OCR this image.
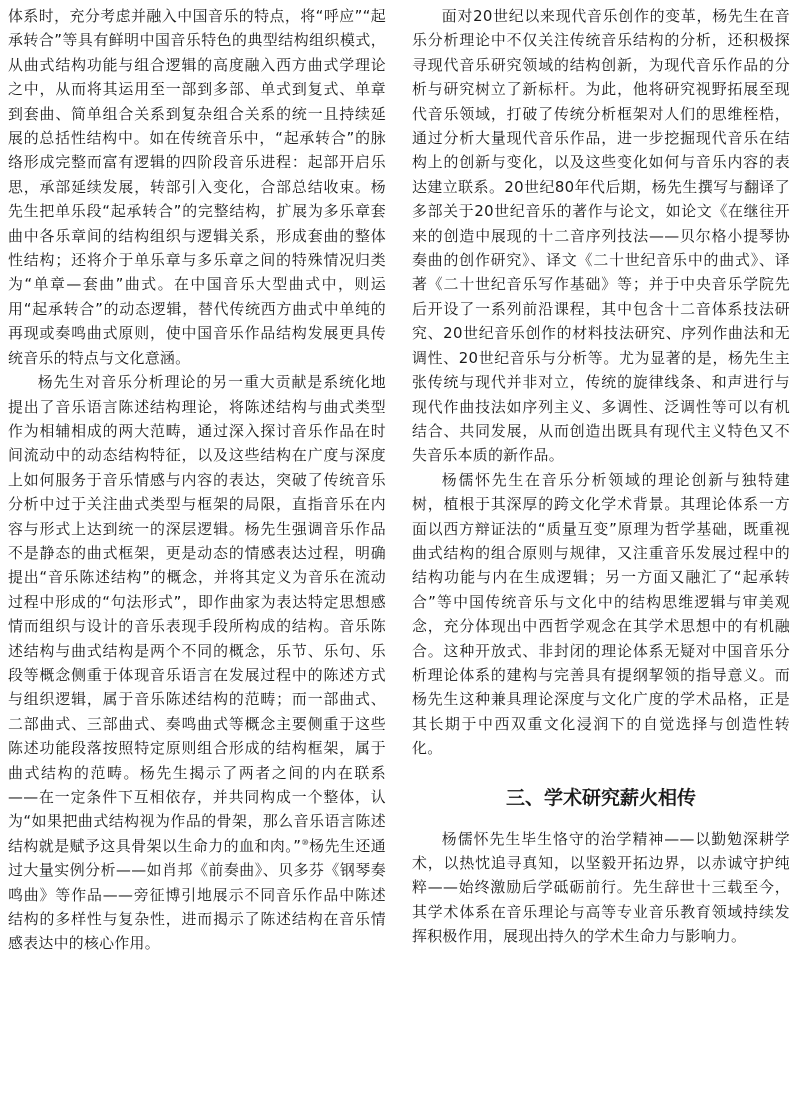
体系时，充分考虑并融入中国音乐的特点，将“呼应”“起承转合”等具有鲜明中国音乐特色的典型结构组织模式，从曲式结构功能与组合逻辑的高度融入西方曲式学理论之中，从而将其运用至一部到多部、单式到复式、单章到套曲、简单组合关系到复杂组合关系的统一且持续延展的总括性结构中。如在传统音乐中，“起承转合”的脉络形成完整而富有逻辑的四阶段音乐进程：起部开启乐思，承部延续发展，转部引入变化，合部总结收束。杨先生把单乐段“起承转合”的完整结构，扩展为多乐章套曲中各乐章间的结构组织与逻辑关系，形成套曲的整体性结构；还将介于单乐章与多乐章之间的特殊情况归类为“单章—套曲”曲式。在中国音乐大型曲式中，则运用“起承转合”的动态逻辑，替代传统西方曲式中单纯的再现或奏鸣曲式原则，使中国音乐作品结构发展更具传统音乐的特点与文化意涵。

杨先生对音乐分析理论的另一重大贡献是系统化地提出了音乐语言陈述结构理论，将陈述结构与曲式类型作为相辅相成的两大范畴，通过深入探讨音乐作品在时间流动中的动态结构特征，以及这些结构在广度与深度上如何服务于音乐情感与内容的表达，突破了传统音乐分析中过于关注曲式类型与框架的局限，直指音乐在内容与形式上达到统一的深层逻辑。杨先生强调音乐作品不是静态的曲式框架，更是动态的情感表达过程，明确提出“音乐陈述结构”的概念，并将其定义为音乐在流动过程中形成的“句法形式”，即作曲家为表达特定思想感情而组织与设计的音乐表现手段所构成的结构。音乐陈述结构与曲式结构是两个不同的概念，乐节、乐句、乐段等概念侧重于体现音乐语言在发展过程中的陈述方式与组织逻辑，属于音乐陈述结构的范畴；而一部曲式、二部曲式、三部曲式、奏鸣曲式等概念主要侧重于这些陈述功能段落按照特定原则组合形成的结构框架，属于曲式结构的范畴。杨先生揭示了两者之间的内在联系——在一定条件下互相依存，并共同构成一个整体，认为“如果把曲式结构视为作品的骨架，那么音乐语言陈述结构就是赋予这具骨架以生命力的血和肉。”⑩杨先生还通过大量实例分析——如肖邦《前奏曲》、贝多芬《钢琴奏鸣曲》等作品——旁征博引地展示不同音乐作品中陈述结构的多样性与复杂性，进而揭示了陈述结构在音乐情感表达中的核心作用。

面对20世纪以来现代音乐创作的变革，杨先生在音乐分析理论中不仅关注传统音乐结构的分析，还积极探寻现代音乐研究领域的结构创新，为现代音乐作品的分析与研究树立了新标杆。为此，他将研究视野拓展至现代音乐领域，打破了传统分析框架对人们的思维桎梏，通过分析大量现代音乐作品，进一步挖掘现代音乐在结构上的创新与变化，以及这些变化如何与音乐内容的表达建立联系。20世纪80年代后期，杨先生撰写与翻译了多部关于20世纪音乐的著作与论文，如论文《在继往开来的创造中展现的十二音序列技法——贝尔格小提琴协奏曲的创作研究》、译文《二十世纪音乐中的曲式》、译著《二十世纪音乐写作基础》等；并于中央音乐学院先后开设了一系列前沿课程，其中包含十二音体系技法研究、20世纪音乐创作的材料技法研究、序列作曲法和无调性、20世纪音乐与分析等。尤为显著的是，杨先生主张传统与现代并非对立，传统的旋律线条、和声进行与现代作曲技法如序列主义、多调性、泛调性等可以有机结合、共同发展，从而创造出既具有现代主义特色又不失音乐本质的新作品。

杨儒怀先生在音乐分析领域的理论创新与独特建树，植根于其深厚的跨文化学术背景。其理论体系一方面以西方辩证法的“质量互变”原理为哲学基础，既重视曲式结构的组合原则与规律，又注重音乐发展过程中的结构功能与内在生成逻辑；另一方面又融汇了“起承转合”等中国传统音乐与文化中的结构思维逻辑与审美观念，充分体现出中西哲学观念在其学术思想中的有机融合。这种开放式、非封闭的理论体系无疑对中国音乐分析理论体系的建构与完善具有提纲挈领的指导意义。而杨先生这种兼具理论深度与文化广度的学术品格，正是其长期于中西双重文化浸润下的自觉选择与创造性转化。

三、学术研究薪火相传

杨儒怀先生毕生恪守的治学精神——以勤勉深耕学术，以热忱追寻真知，以坚毅开拓边界，以赤诚守护纯粹——始终激励后学砥砺前行。先生辞世十三载至今，其学术体系在音乐理论与高等专业音乐教育领域持续发挥积极作用，展现出持久的学术生命力与影响力。
